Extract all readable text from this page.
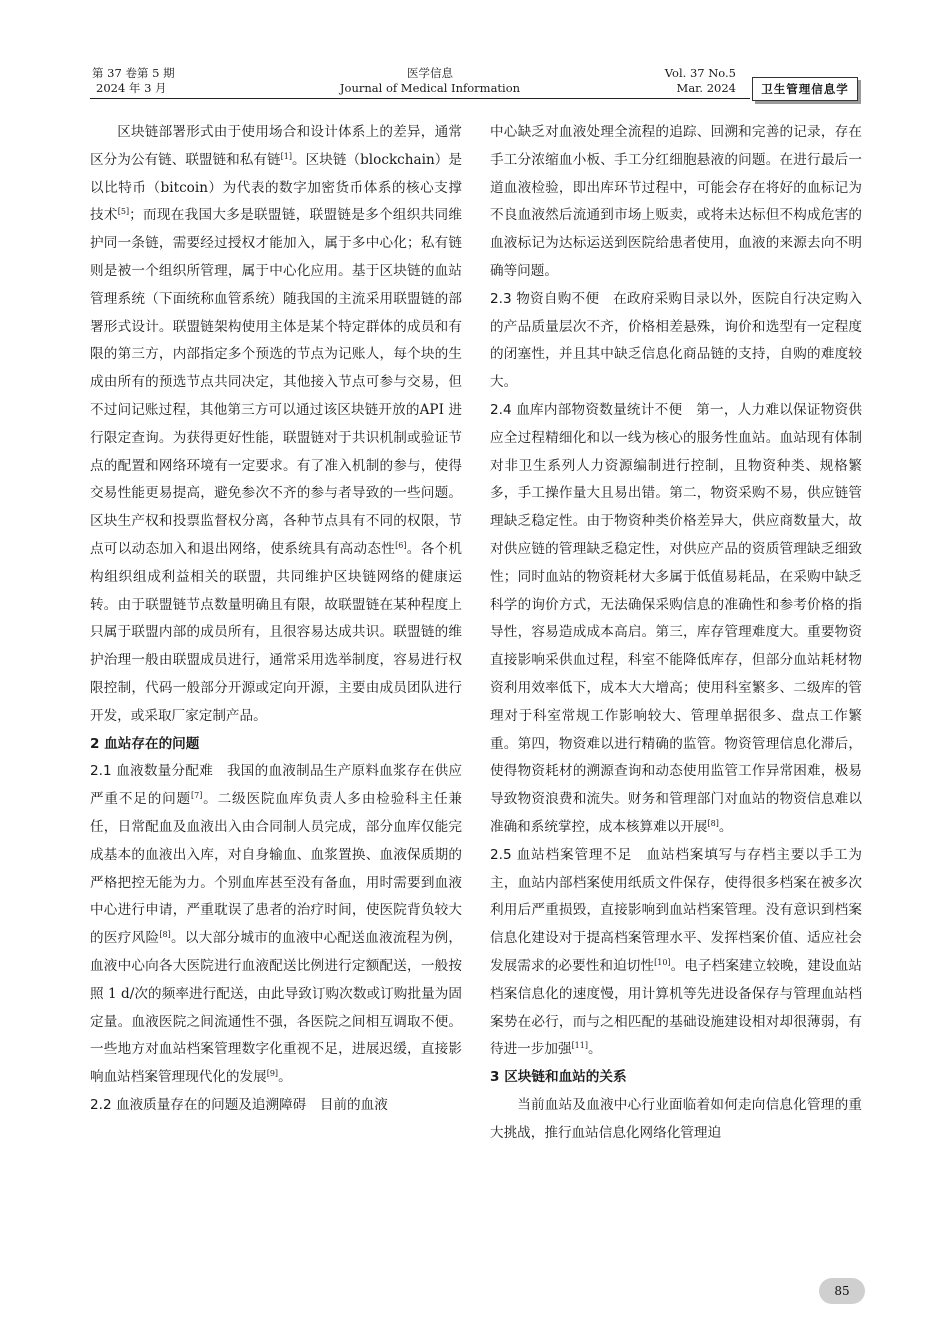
第 37 卷第 5 期
2024 年 3 月
医学信息
Journal of Medical Information
Vol. 37 No.5
Mar. 2024	卫生管理信息学

区块链部署形式由于使用场合和设计体系上的差异，通常区分为公有链、联盟链和私有链[1]。区块链（blockchain）是以比特币（bitcoin）为代表的数字加密货币体系的核心支撑技术[5]；而现在我国大多是联盟链，联盟链是多个组织共同维护同一条链，需要经过授权才能加入，属于多中心化；私有链则是被一个组织所管理，属于中心化应用。基于区块链的血站管理系统（下面统称血管系统）随我国的主流采用联盟链的部署形式设计。联盟链架构使用主体是某个特定群体的成员和有限的第三方，内部指定多个预选的节点为记账人，每个块的生成由所有的预选节点共同决定，其他接入节点可参与交易，但不过问记账过程，其他第三方可以通过该区块链开放的API 进行限定查询。为获得更好性能，联盟链对于共识机制或验证节点的配置和网络环境有一定要求。有了准入机制的参与，使得交易性能更易提高，避免参次不齐的参与者导致的一些问题。区块生产权和投票监督权分离，各种节点具有不同的权限，节点可以动态加入和退出网络，使系统具有高动态性[6]。各个机构组织组成利益相关的联盟，共同维护区块链网络的健康运转。由于联盟链节点数量明确且有限，故联盟链在某种程度上只属于联盟内部的成员所有，且很容易达成共识。联盟链的维护治理一般由联盟成员进行，通常采用选举制度，容易进行权限控制，代码一般部分开源或定向开源，主要由成员团队进行开发，或采取厂家定制产品。

2 血站存在的问题

2.1 血液数量分配难　 我国的血液制品生产原料血浆存在供应严重不足的问题[7]。二级医院血库负责人多由检验科主任兼任，日常配血及血液出入由合同制人员完成，部分血库仅能完成基本的血液出入库，对自身输血、血浆置换、血液保质期的严格把控无能为力。个别血库甚至没有备血，用时需要到血液中心进行申请，严重耽误了患者的治疗时间，使医院背负较大的医疗风险[8]。以大部分城市的血液中心配送血液流程为例，血液中心向各大医院进行血液配送比例进行定额配送，一般按照 1 d/次的频率进行配送，由此导致订购次数或订购批量为固定量。血液医院之间流通性不强，各医院之间相互调取不便。一些地方对血站档案管理数字化重视不足，进展迟缓，直接影响血站档案管理现代化的发展[9]。

2.2 血液质量存在的问题及追溯障碍　 目前的血液

中心缺乏对血液处理全流程的追踪、回溯和完善的记录，存在手工分浓缩血小板、手工分红细胞悬液的问题。在进行最后一道血液检验，即出库环节过程中，可能会存在将好的血标记为不良血液然后流通到市场上贩卖，或将未达标但不构成危害的血液标记为达标运送到医院给患者使用，血液的来源去向不明确等问题。

2.3 物资自购不便　 在政府采购目录以外，医院自行决定购入的产品质量层次不齐，价格相差悬殊，询价和选型有一定程度的闭塞性，并且其中缺乏信息化商品链的支持，自购的难度较大。

2.4 血库内部物资数量统计不便　 第一，人力难以保证物资供应全过程精细化和以一线为核心的服务性血站。血站现有体制对非卫生系列人力资源编制进行控制，且物资种类、规格繁多，手工操作量大且易出错。第二，物资采购不易，供应链管理缺乏稳定性。由于物资种类价格差异大，供应商数量大，故对供应链的管理缺乏稳定性，对供应产品的资质管理缺乏细致性；同时血站的物资耗材大多属于低值易耗品，在采购中缺乏科学的询价方式，无法确保采购信息的准确性和参考价格的指导性，容易造成成本高启。第三，库存管理难度大。重要物资直接影响采供血过程，科室不能降低库存，但部分血站耗材物资利用效率低下，成本大大增高；使用科室繁多、二级库的管理对于科室常规工作影响较大、管理单据很多、盘点工作繁重。第四，物资难以进行精确的监管。物资管理信息化滞后，使得物资耗材的溯源查询和动态使用监管工作异常困难，极易导致物资浪费和流失。财务和管理部门对血站的物资信息难以准确和系统掌控，成本核算难以开展[8]。

2.5 血站档案管理不足　 血站档案填写与存档主要以手工为主，血站内部档案使用纸质文件保存，使得很多档案在被多次利用后严重损毁，直接影响到血站档案管理。没有意识到档案信息化建设对于提高档案管理水平、发挥档案价值、适应社会发展需求的必要性和迫切性[10]。电子档案建立较晚，建设血站档案信息化的速度慢，用计算机等先进设备保存与管理血站档案势在必行，而与之相匹配的基础设施建设相对却很薄弱，有待进一步加强[11]。

3 区块链和血站的关系

当前血站及血液中心行业面临着如何走向信息化管理的重大挑战，推行血站信息化网络化管理迫

85
